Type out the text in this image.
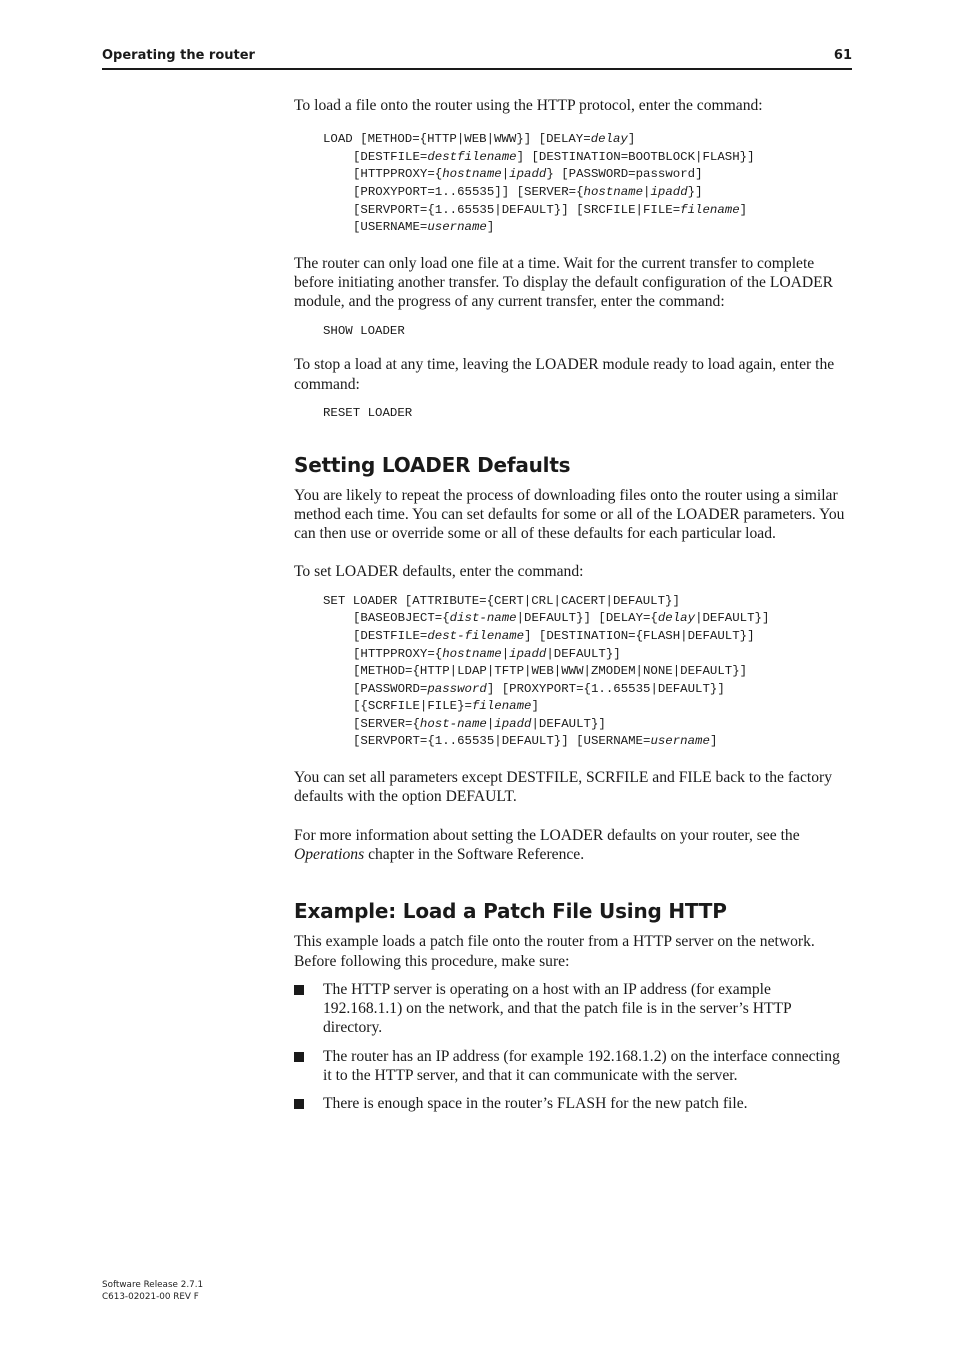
Operating the router	61

To load a file onto the router using the HTTP protocol, enter the command:

LOAD [METHOD={HTTP|WEB|WWW}] [DELAY=delay]
[DESTFILE=destfilename] [DESTINATION=BOOTBLOCK|FLASH}]
[HTTPPROXY={hostname|ipadd} [PASSWORD=password]
[PROXYPORT=1..65535]] [SERVER={hostname|ipadd}]
[SERVPORT={1..65535|DEFAULT}] [SRCFILE|FILE=filename]
[USERNAME=username]

The router can only load one file at a time. Wait for the current transfer to complete before initiating another transfer. To display the default configuration of the LOADER module, and the progress of any current transfer, enter the command:

SHOW LOADER

To stop a load at any time, leaving the LOADER module ready to load again, enter the command:

RESET LOADER
Setting LOADER Defaults

You are likely to repeat the process of downloading files onto the router using a similar method each time. You can set defaults for some or all of the LOADER parameters. You can then use or override some or all of these defaults for each particular load.

To set LOADER defaults, enter the command:

SET LOADER [ATTRIBUTE={CERT|CRL|CACERT|DEFAULT}]
[BASEOBJECT={dist-name|DEFAULT}] [DELAY={delay|DEFAULT}]
[DESTFILE=dest-filename] [DESTINATION={FLASH|DEFAULT}]
[HTTPPROXY={hostname|ipadd|DEFAULT}]
[METHOD={HTTP|LDAP|TFTP|WEB|WWW|ZMODEM|NONE|DEFAULT}]
[PASSWORD=password] [PROXYPORT={1..65535|DEFAULT}]
[{SCRFILE|FILE}=filename]
[SERVER={host-name|ipadd|DEFAULT}]
[SERVPORT={1..65535|DEFAULT}] [USERNAME=username]

You can set all parameters except DESTFILE, SCRFILE and FILE back to the factory defaults with the option DEFAULT.

For more information about setting the LOADER defaults on your router, see the Operations chapter in the Software Reference.

Example: Load a Patch File Using HTTP

This example loads a patch file onto the router from a HTTP server on the network. Before following this procedure, make sure:

The HTTP server is operating on a host with an IP address (for example 192.168.1.1) on the network, and that the patch file is in the server’s HTTP directory.
The router has an IP address (for example 192.168.1.2) on the interface connecting it to the HTTP server, and that it can communicate with the server.
There is enough space in the router’s FLASH for the new patch file.
Software Release 2.7.1
C613-02021-00 REV F
